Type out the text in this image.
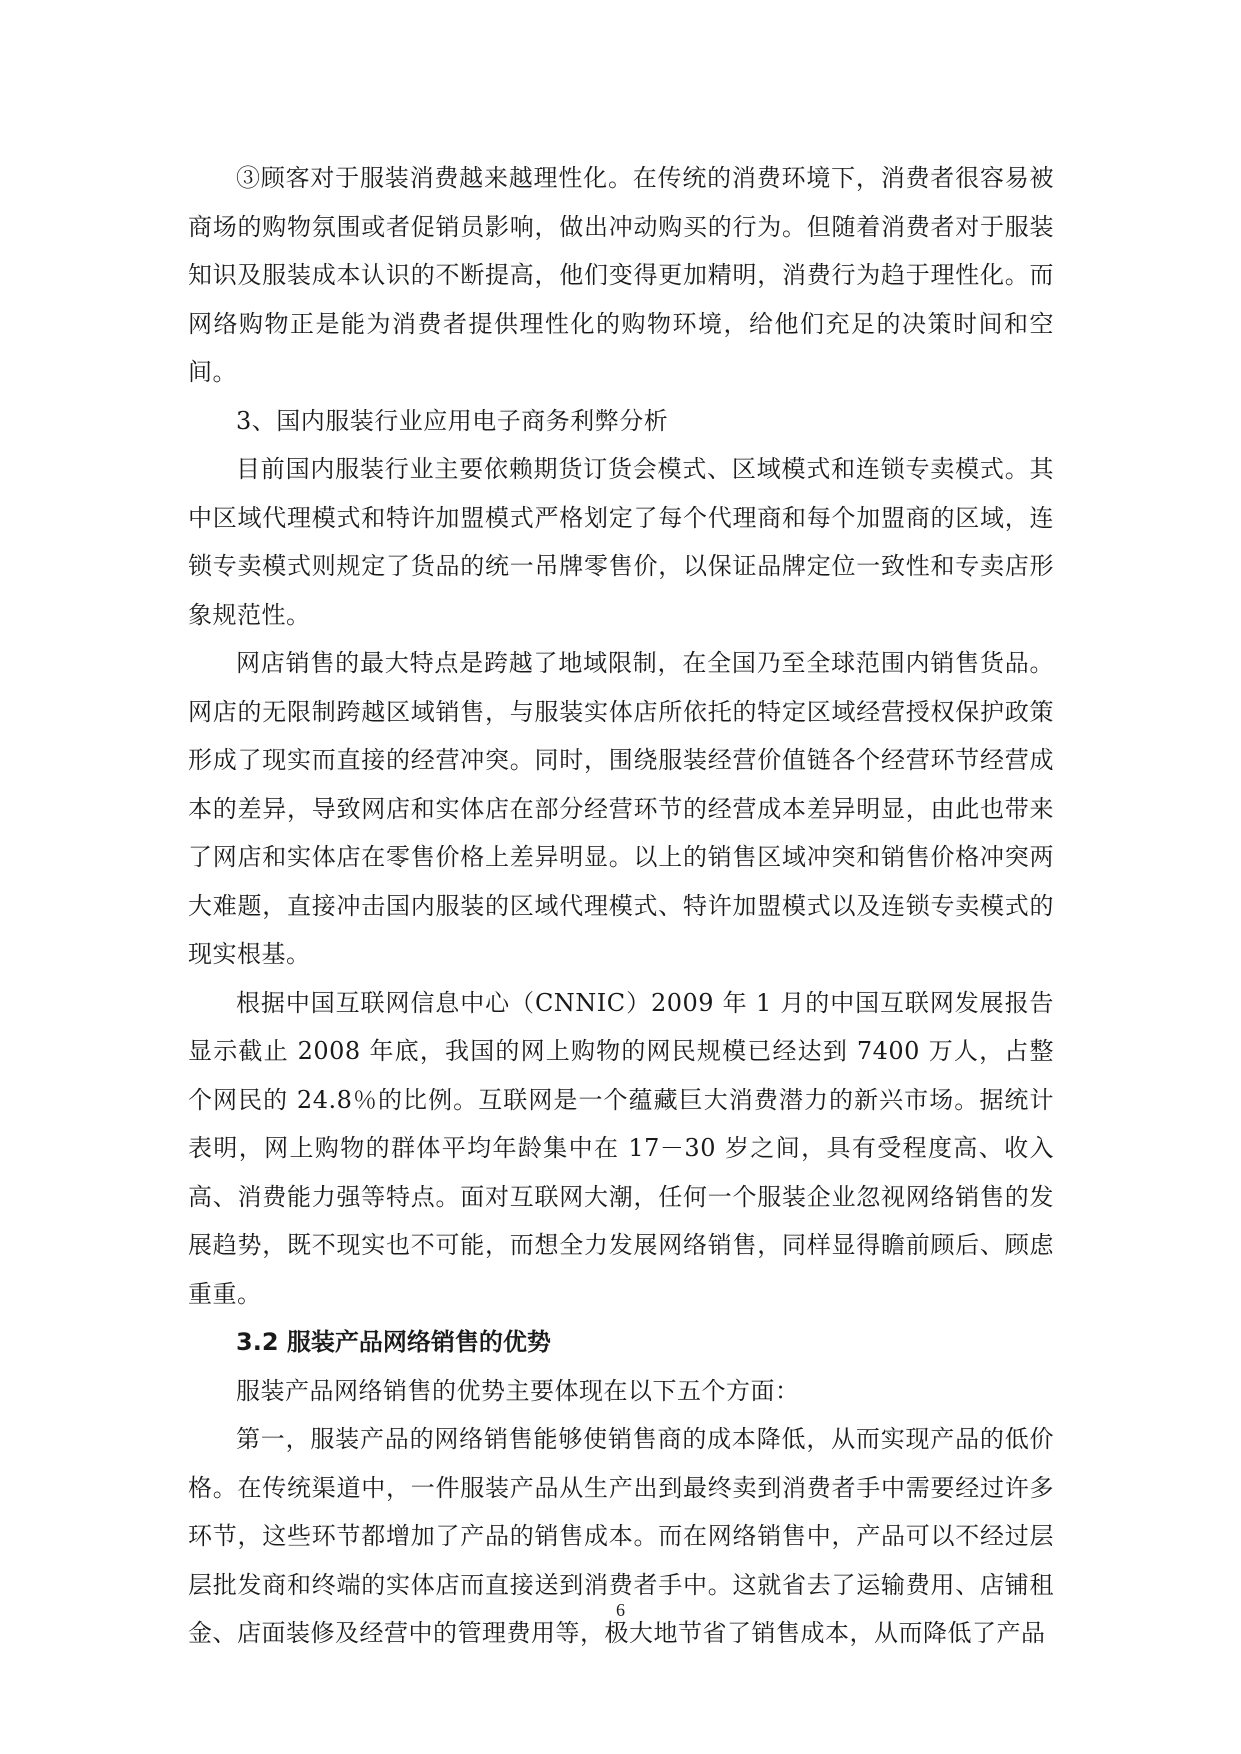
③顾客对于服装消费越来越理性化。在传统的消费环境下，消费者很容易被商场的购物氛围或者促销员影响，做出冲动购买的行为。但随着消费者对于服装知识及服装成本认识的不断提高，他们变得更加精明，消费行为趋于理性化。而网络购物正是能为消费者提供理性化的购物环境，给他们充足的决策时间和空间。

3、国内服装行业应用电子商务利弊分析

目前国内服装行业主要依赖期货订货会模式、区域模式和连锁专卖模式。其中区域代理模式和特许加盟模式严格划定了每个代理商和每个加盟商的区域，连锁专卖模式则规定了货品的统一吊牌零售价，以保证品牌定位一致性和专卖店形象规范性。

网店销售的最大特点是跨越了地域限制，在全国乃至全球范围内销售货品。网店的无限制跨越区域销售，与服装实体店所依托的特定区域经营授权保护政策形成了现实而直接的经营冲突。同时，围绕服装经营价值链各个经营环节经营成本的差异，导致网店和实体店在部分经营环节的经营成本差异明显，由此也带来了网店和实体店在零售价格上差异明显。以上的销售区域冲突和销售价格冲突两大难题，直接冲击国内服装的区域代理模式、特许加盟模式以及连锁专卖模式的现实根基。

根据中国互联网信息中心（CNNIC）2009 年 1 月的中国互联网发展报告显示截止 2008 年底，我国的网上购物的网民规模已经达到 7400 万人，占整个网民的 24.8％的比例。互联网是一个蕴藏巨大消费潜力的新兴市场。据统计表明，网上购物的群体平均年龄集中在 17－30 岁之间，具有受程度高、收入高、消费能力强等特点。面对互联网大潮，任何一个服装企业忽视网络销售的发展趋势，既不现实也不可能，而想全力发展网络销售，同样显得瞻前顾后、顾虑重重。

3.2 服装产品网络销售的优势

服装产品网络销售的优势主要体现在以下五个方面：

第一，服装产品的网络销售能够使销售商的成本降低，从而实现产品的低价格。在传统渠道中，一件服装产品从生产出到最终卖到消费者手中需要经过许多环节，这些环节都增加了产品的销售成本。而在网络销售中，产品可以不经过层层批发商和终端的实体店而直接送到消费者手中。这就省去了运输费用、店铺租金、店面装修及经营中的管理费用等，极大地节省了销售成本，从而降低了产品

6
